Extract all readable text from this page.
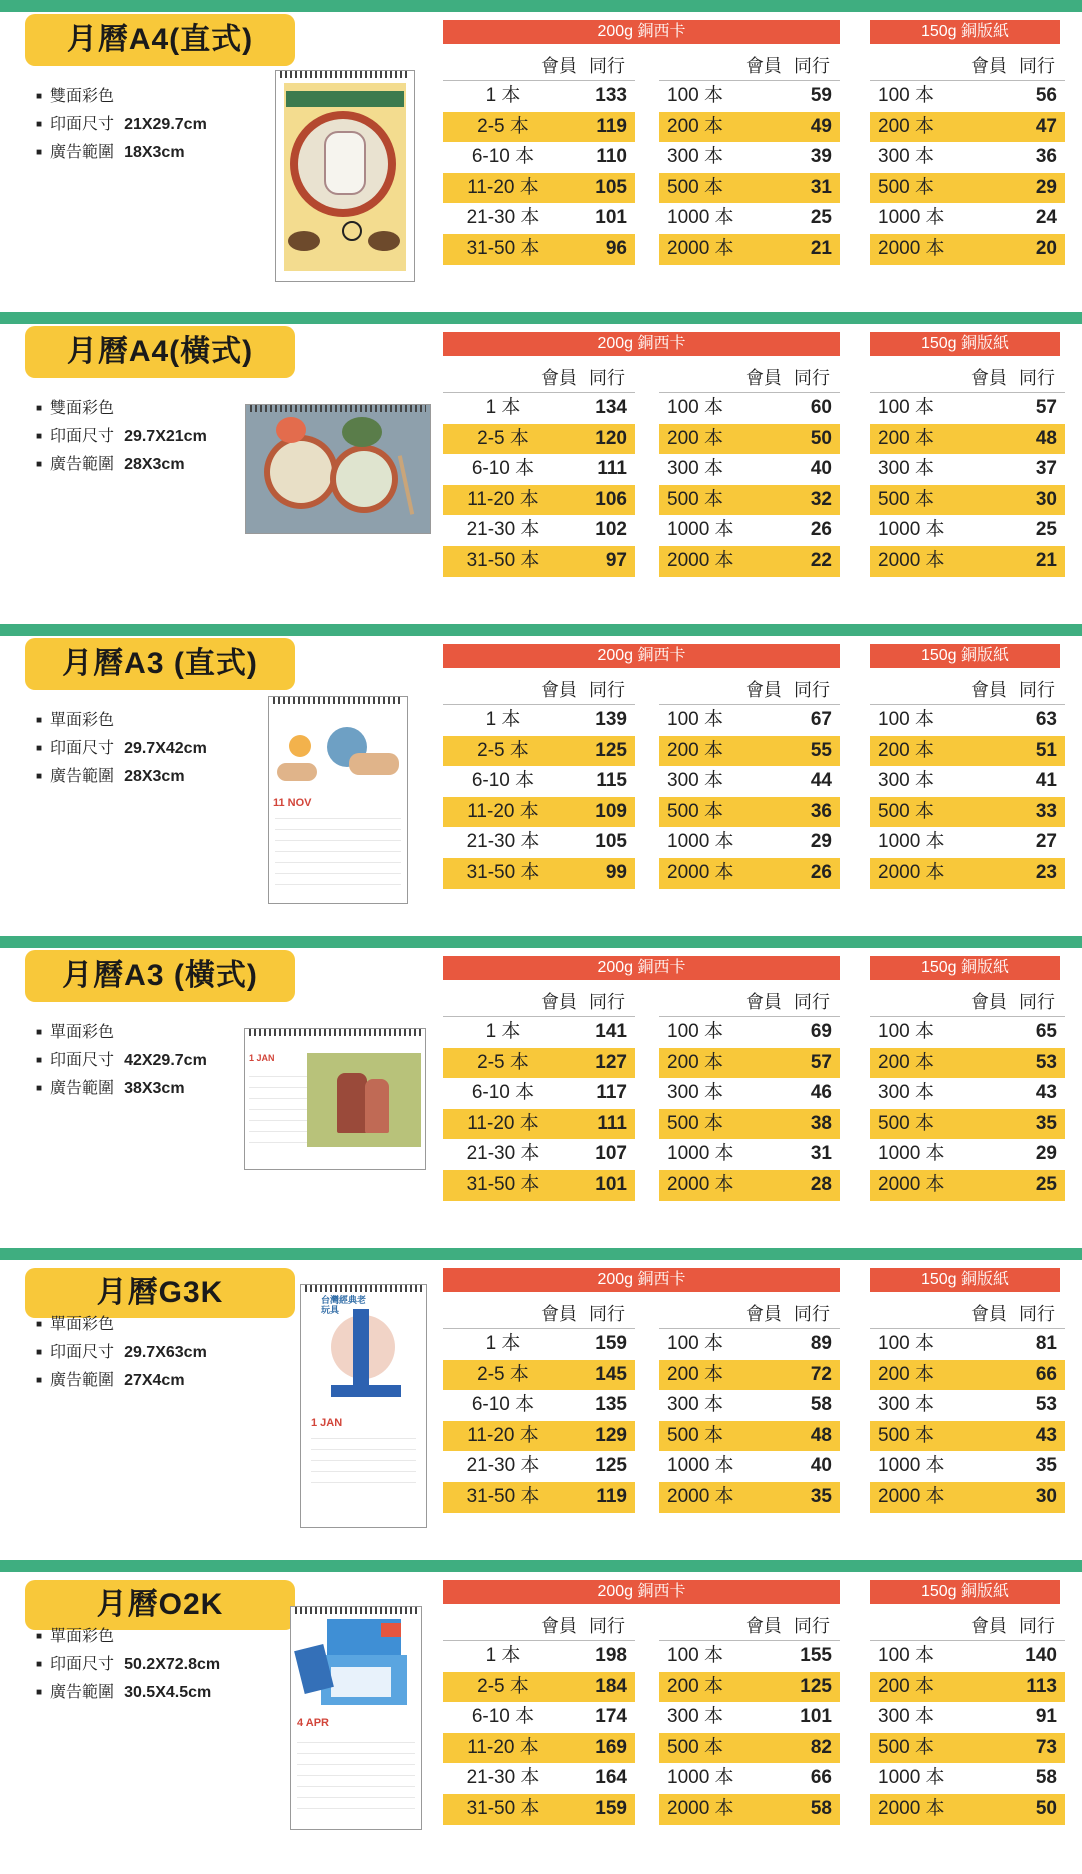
月曆A4(直式)
■ 雙面彩色
■ 印面尺寸 21X29.7cm
■ 廣告範圍 18X3cm
200g 銅西卡	150g 銅版紙
會員 同行
1 本	133
2-5 本	119
6-10 本	110
11-20 本	105
21-30 本	101
31-50 本	96
會員 同行
100 本	59
200 本	49
300 本	39
500 本	31
1000 本	25
2000 本	21
會員 同行
100 本	56
200 本	47
300 本	36
500 本	29
1000 本	24
2000 本	20
月曆A4(橫式)
■ 雙面彩色
■ 印面尺寸 29.7X21cm
■ 廣告範圍 28X3cm
200g 銅西卡	150g 銅版紙
會員 同行
1 本	134
2-5 本	120
6-10 本	111
11-20 本	106
21-30 本	102
31-50 本	97
會員 同行
100 本	60
200 本	50
300 本	40
500 本	32
1000 本	26
2000 本	22
會員 同行
100 本	57
200 本	48
300 本	37
500 本	30
1000 本	25
2000 本	21
月曆A3 (直式)
■ 單面彩色
■ 印面尺寸 29.7X42cm
■ 廣告範圍 28X3cm
11 NOV
200g 銅西卡	150g 銅版紙
會員 同行
1 本	139
2-5 本	125
6-10 本	115
11-20 本	109
21-30 本	105
31-50 本	99
會員 同行
100 本	67
200 本	55
300 本	44
500 本	36
1000 本	29
2000 本	26
會員 同行
100 本	63
200 本	51
300 本	41
500 本	33
1000 本	27
2000 本	23
月曆A3 (橫式)
■ 單面彩色
■ 印面尺寸 42X29.7cm
■ 廣告範圍 38X3cm
1 JAN
200g 銅西卡	150g 銅版紙
會員 同行
1 本	141
2-5 本	127
6-10 本	117
11-20 本	111
21-30 本	107
31-50 本	101
會員 同行
100 本	69
200 本	57
300 本	46
500 本	38
1000 本	31
2000 本	28
會員 同行
100 本	65
200 本	53
300 本	43
500 本	35
1000 本	29
2000 本	25
月曆G3K
■ 單面彩色
■ 印面尺寸 29.7X63cm
■ 廣告範圍 27X4cm
台灣經典老玩具
1 JAN
200g 銅西卡	150g 銅版紙
會員 同行
1 本	159
2-5 本	145
6-10 本	135
11-20 本	129
21-30 本	125
31-50 本	119
會員 同行
100 本	89
200 本	72
300 本	58
500 本	48
1000 本	40
2000 本	35
會員 同行
100 本	81
200 本	66
300 本	53
500 本	43
1000 本	35
2000 本	30
月曆O2K
■ 單面彩色
■ 印面尺寸 50.2X72.8cm
■ 廣告範圍 30.5X4.5cm
4 APR
200g 銅西卡	150g 銅版紙
會員 同行
1 本	198
2-5 本	184
6-10 本	174
11-20 本	169
21-30 本	164
31-50 本	159
會員 同行
100 本	155
200 本	125
300 本	101
500 本	82
1000 本	66
2000 本	58
會員 同行
100 本	140
200 本	113
300 本	91
500 本	73
1000 本	58
2000 本	50
